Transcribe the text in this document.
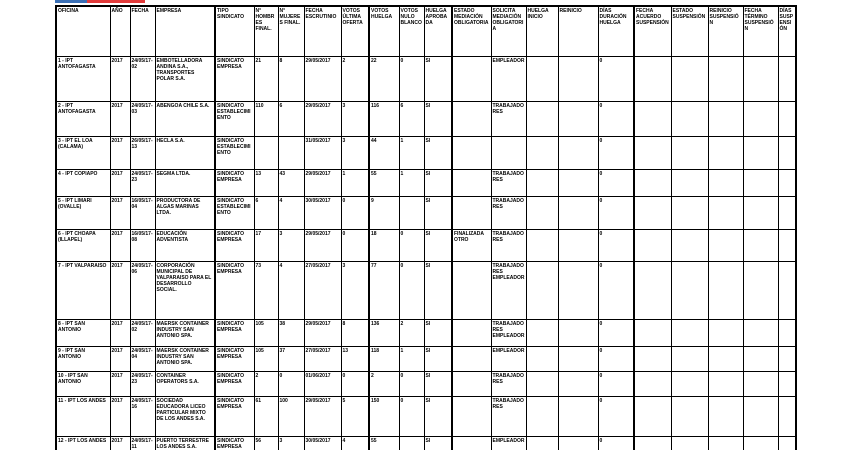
OFICINA	AÑO	FECHA	EMPRESA	TIPO SINDICATO	N° HOMBRES FINAL.	N° MUJERES FINAL.	FECHA ESCRUTINIO	VOTOS ÚLTIMA OFERTA	VOTOS HUELGA	VOTOS NULO BLANCO	HUELGA APROBADA	ESTADO MEDIACIÓN OBLIGATORIA	SOLICITA MEDIACIÓN OBLIGATORIA	HUELGA INICIO	REINICIO	DÍAS DURACIÓN HUELGA	FECHA ACUERDO SUSPENSIÓN	ESTADO SUSPENSIÓN	REINICIO SUSPENSIÓN	FECHA TÉRMINO SUSPENSIÓN	DÍAS SUSPENSIÓN
1 - IPT ANTOFAGASTA	2017	24/05/17-02	EMBOTELLADORA ANDINA S.A., TRANSPORTES POLAR S.A.	SINDICATO EMPRESA	21	8	29/05/2017	2	22	0	SI		EMPLEADOR			0					
2 - IPT ANTOFAGASTA	2017	24/05/17-03	ABENGOA CHILE S.A.	SINDICATO ESTABLECIMIENTO	110	6	29/05/2017	3	116	6	SI		TRABAJADORES			0					
3 - IPT EL LOA (CALAMA)	2017	26/05/17-13	HECLA S.A.	SINDICATO ESTABLECIMIENTO			31/05/2017	3	44	1	SI					0					
4 - IPT COPIAPO	2017	24/05/17-23	SEGMA LTDA.	SINDICATO EMPRESA	13	43	29/05/2017	1	55	1	SI		TRABAJADORES			0					
5 - IPT LIMARI (OVALLE)	2017	16/05/17-04	PRODUCTORA DE ALGAS MARINAS LTDA.	SINDICATO ESTABLECIMIENTO	6	4	30/05/2017	0	9		SI		TRABAJADORES			0					
6 - IPT CHOAPA (ILLAPEL)	2017	16/05/17-08	EDUCACIÓN ADVENTISTA	SINDICATO EMPRESA	17	3	29/05/2017	0	18	0	SI	FINALIZADA OTRO	TRABAJADORES			0					
7 - IPT VALPARAISO	2017	24/05/17-06	CORPORACIÓN MUNICIPAL DE VALPARAISO PARA EL DESARROLLO SOCIAL.	SINDICATO EMPRESA	73	4	27/05/2017	3	77	0	SI		TRABAJADORES EMPLEADOR			0					
8 - IPT SAN ANTONIO	2017	24/05/17-02	MAERSK CONTAINER INDUSTRY SAN ANTONIO SPA.	SINDICATO EMPRESA	105	38	29/05/2017	8	136	2	SI		TRABAJADORES EMPLEADOR			0					
9 - IPT SAN ANTONIO	2017	24/05/17-04	MAERSK CONTAINER INDUSTRY SAN ANTONIO SPA.	SINDICATO EMPRESA	105	37	27/05/2017	13	118	1	SI		EMPLEADOR			0					
10 - IPT SAN ANTONIO	2017	24/05/17-23	CONTAINER OPERATORS S.A.	SINDICATO EMPRESA	2	0	01/06/2017	0	2	0	SI		TRABAJADORES			0					
11 - IPT LOS ANDES	2017	24/05/17-16	SOCIEDAD EDUCADORA LICEO PARTICULAR MIXTO DE LOS ANDES S.A.	SINDICATO EMPRESA	61	100	29/05/2017	5	150	0	SI		TRABAJADORES			0					
12 - IPT LOS ANDES	2017	24/05/17-11	PUERTO TERRESTRE LOS ANDES S.A.	SINDICATO EMPRESA	56	3	30/05/2017	4	55		SI		EMPLEADOR			0					
